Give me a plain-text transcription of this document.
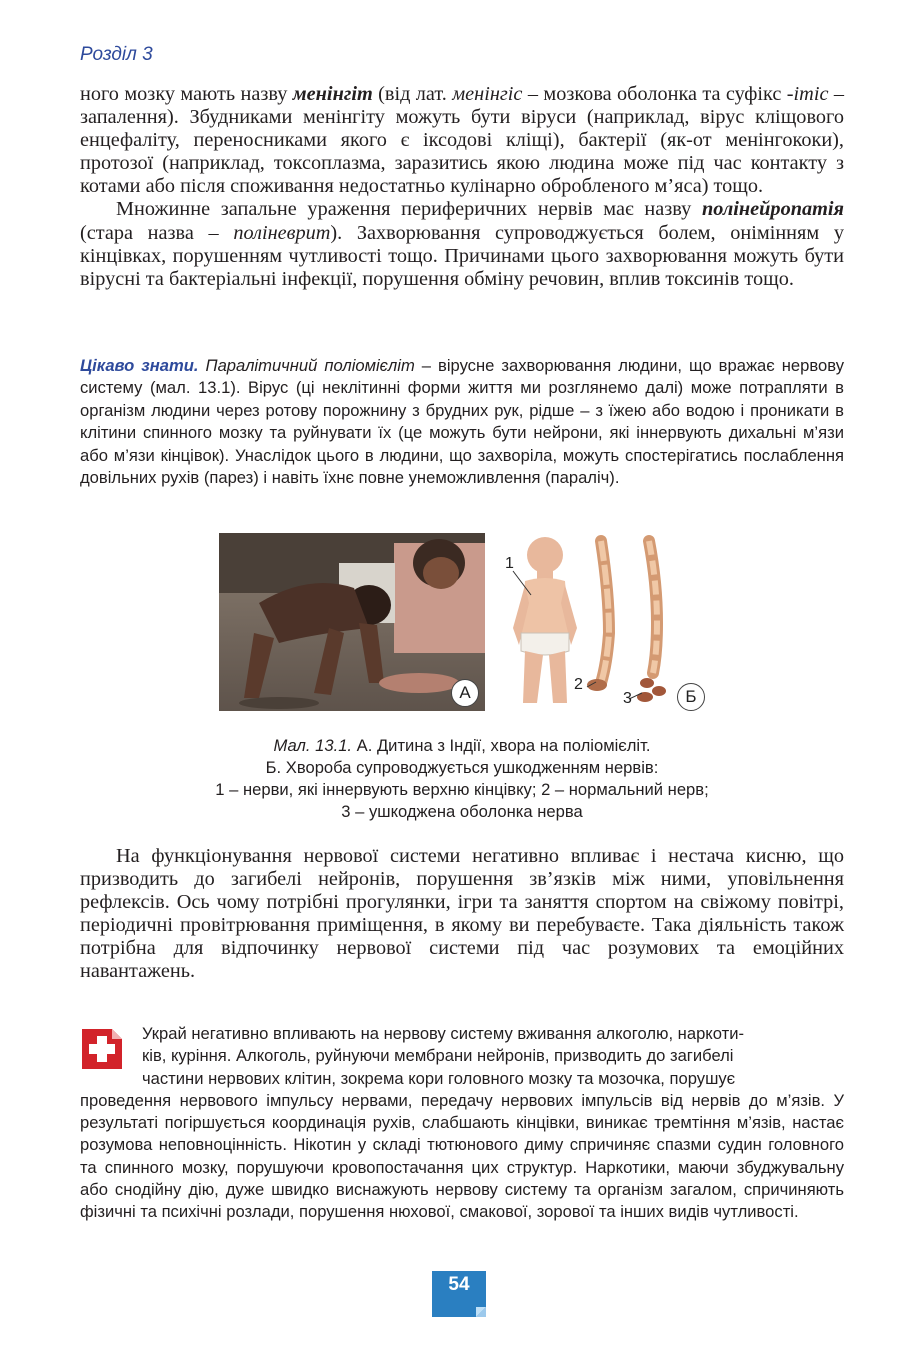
Розділ 3

ного мозку мають назву менінгіт (від лат. менінгіс – мозкова оболонка та суфікс -ітіс – запалення). Збудниками менінгіту можуть бути віруси (наприклад, вірус кліщового енцефаліту, переносниками якого є іксодові кліщі), бактерії (як-от менінгококи), протозої (наприклад, токсоплазма, заразитись якою людина може під час контакту з котами або після споживання недостатньо кулінарно обробленого м’яса) тощо.

Множинне запальне ураження периферичних нервів має назву полінейропатія (стара назва – поліневрит). Захворювання супроводжується болем, онімінням у кінцівках, порушенням чутливості тощо. Причинами цього захворювання можуть бути вірусні та бактеріальні інфекції, порушення обміну речовин, вплив токсинів тощо.

Цікаво знати. Паралітичний поліомієліт – вірусне захворювання людини, що вражає нервову систему (мал. 13.1). Вірус (ці неклітинні форми життя ми розглянемо далі) може потрапляти в організм людини через ротову порожнину з брудних рук, рідше – з їжею або водою і проникати в клітини спинного мозку та руйнувати їх (це можуть бути нейрони, які іннервують дихальні м’язи або м’язи кінцівок). Унаслідок цього в людини, що захворіла, можуть спостерігатись послаблення довільних рухів (парез) і навіть їхнє повне унеможливлення (параліч).
А
1
2
3	Б
Мал. 13.1. А. Дитина з Індії, хвора на поліомієліт.
Б. Хвороба супроводжується ушкодженням нервів:
1 – нерви, які іннервують верхню кінцівку; 2 – нормальний нерв;
3 – ушкоджена оболонка нерва

На функціонування нервової системи негативно впливає і нестача кисню, що призводить до загибелі нейронів, порушення зв’язків між ними, уповільнення рефлексів. Ось чому потрібні прогулянки, ігри та заняття спортом на свіжому повітрі, періодичні провітрювання приміщення, в якому ви перебуваєте. Така діяльність також потрібна для відпочинку нервової системи під час розумових та емоційних навантажень.

Украй негативно впливають на нервову систему вживання алкоголю, наркоти-
ків, куріння. Алкоголь, руйнуючи мембрани нейронів, призводить до загибелі
частини нервових клітин, зокрема кори головного мозку та мозочка, порушує
проведення нервового імпульсу нервами, передачу нервових імпульсів від нервів до м’язів. У результаті погіршується координація рухів, слабшають кінцівки, виникає тремтіння м’язів, настає розумова неповноцінність. Нікотин у складі тютюнового диму спричиняє спазми судин головного та спинного мозку, порушуючи кровопостачання цих структур. Наркотики, маючи збуджувальну або снодійну дію, дуже швидко виснажують нервову систему та організм загалом, спричиняють фізичні та психічні розлади, порушення нюхової, смакової, зорової та інших видів чутливості.
54
